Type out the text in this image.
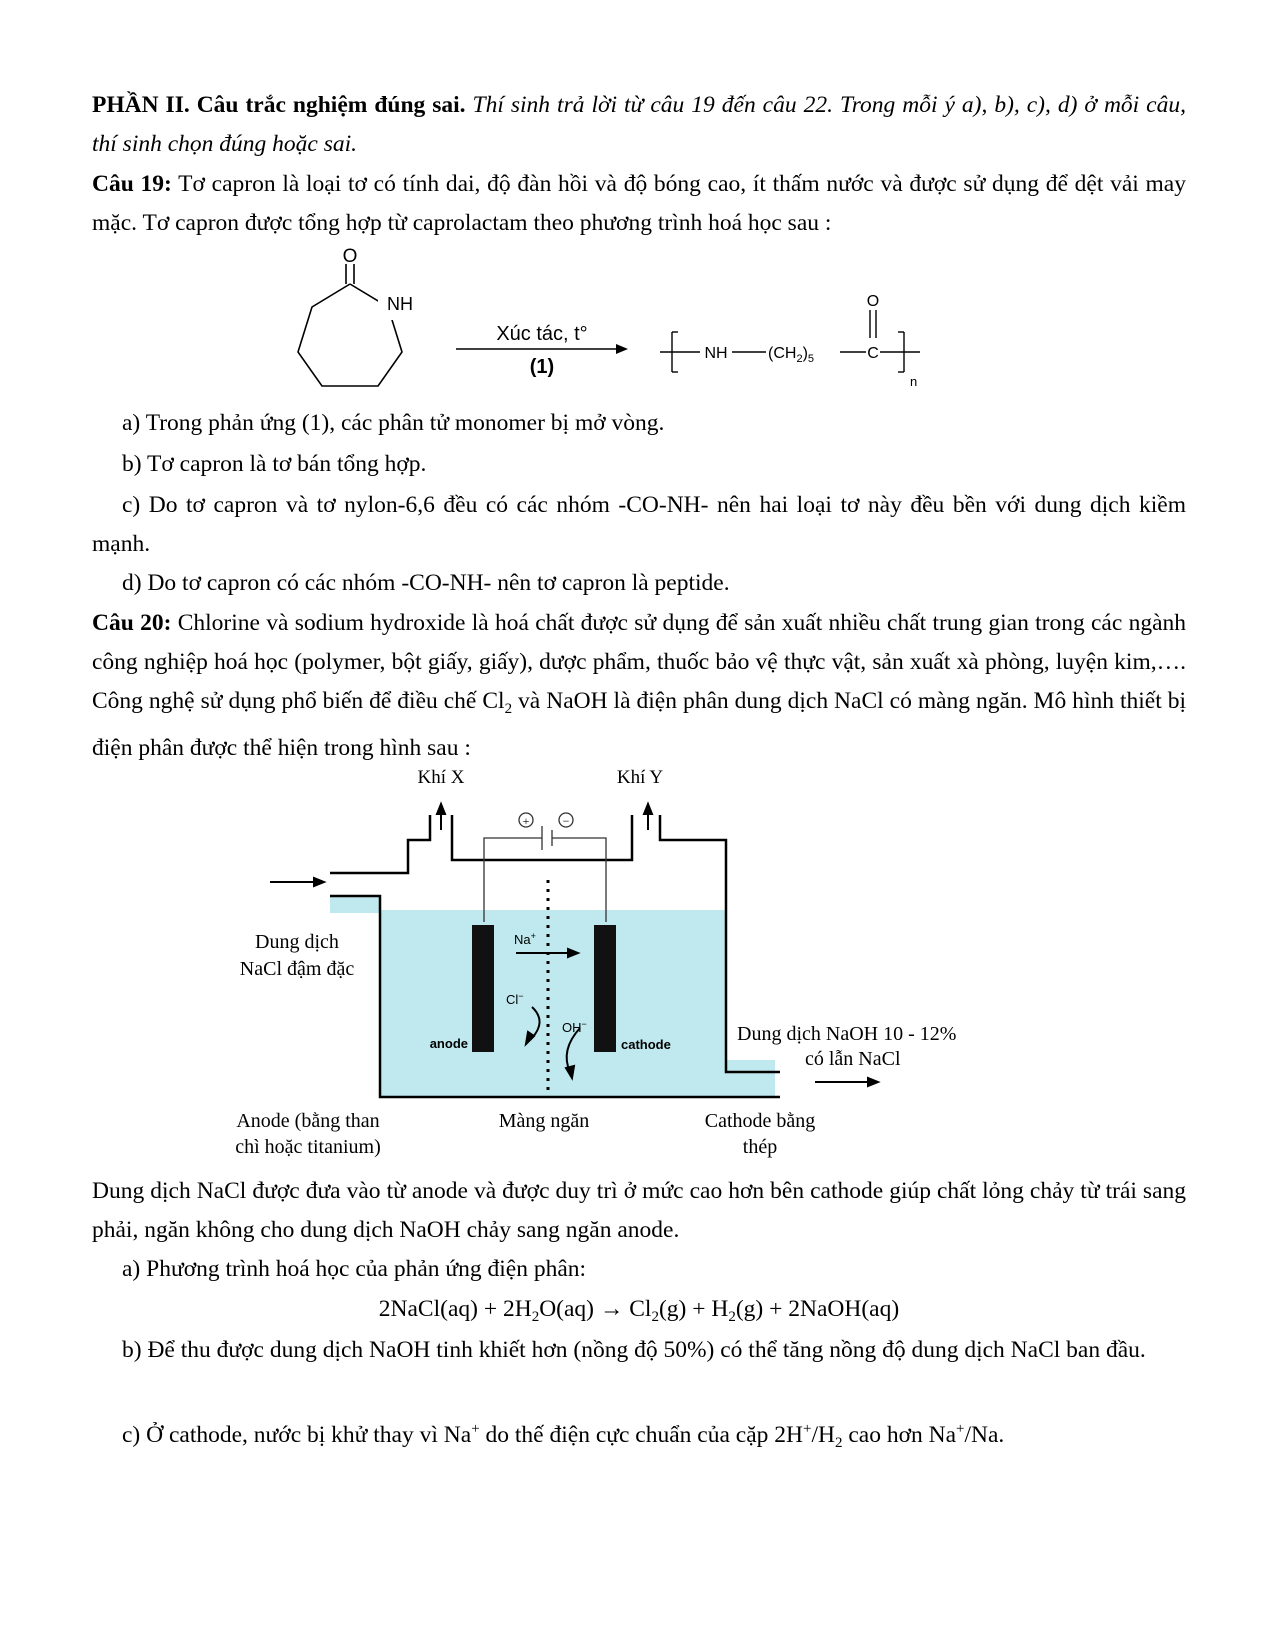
PHẦN II. Câu trắc nghiệm đúng sai. Thí sinh trả lời từ câu 19 đến câu 22. Trong mỗi ý a), b), c), d) ở mỗi câu, thí sinh chọn đúng hoặc sai.

Câu 19: Tơ capron là loại tơ có tính dai, độ đàn hồi và độ bóng cao, ít thấm nước và được sử dụng để dệt vải may mặc. Tơ capron được tổng hợp từ caprolactam theo phương trình hoá học sau :

O
NH
Xúc tác, t°
(1)
NH	$(CH_2)_5$	C
O
n

a) Trong phản ứng (1), các phân tử monomer bị mở vòng.

b) Tơ capron là tơ bán tổng hợp.

c) Do tơ capron và tơ nylon-6,6 đều có các nhóm -CO-NH- nên hai loại tơ này đều bền với dung dịch kiềm mạnh.

d) Do tơ capron có các nhóm -CO-NH- nên tơ capron là peptide.

Câu 20: Chlorine và sodium hydroxide là hoá chất được sử dụng để sản xuất nhiều chất trung gian trong các ngành công nghiệp hoá học (polymer, bột giấy, giấy), dược phẩm, thuốc bảo vệ thực vật, sản xuất xà phòng, luyện kim,…. Công nghệ sử dụng phổ biến để điều chế $Cl_2$ và NaOH là điện phân dung dịch NaCl có màng ngăn. Mô hình thiết bị điện phân được thể hiện trong hình sau :

Khí X	Khí Y
+	−
anode	cathode
Na+
Cl−
OH−
Dung dịch
NaCl đậm đặc
Dung dịch NaOH 10 - 12%
có lẫn NaCl
Anode (bằng than
chì hoặc titanium)
Màng ngăn	Cathode bằng
thép

Dung dịch NaCl được đưa vào từ anode và được duy trì ở mức cao hơn bên cathode giúp chất lỏng chảy từ trái sang phải, ngăn không cho dung dịch NaOH chảy sang ngăn anode.

a) Phương trình hoá học của phản ứng điện phân:

2NaCl(aq) + $2H_2O(aq) \to Cl_2(g) + H_2(g)$ + 2NaOH(aq)

b) Để thu được dung dịch NaOH tinh khiết hơn (nồng độ 50%) có thể tăng nồng độ dung dịch NaCl ban đầu.

c) Ở cathode, nước bị khử thay vì Na+ do thế điện cực chuẩn của cặp $2H^+/H_2$ cao hơn Na+/Na.
